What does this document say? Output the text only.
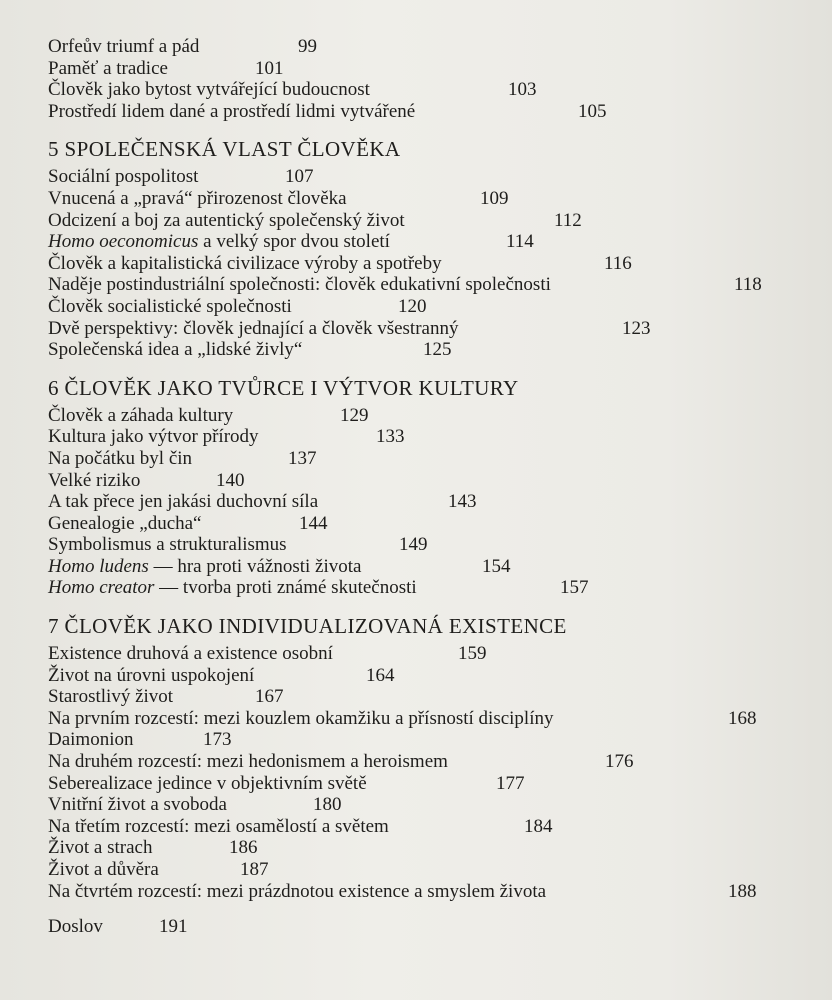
Orfeův triumf a pád	99
Paměť a tradice	101
Člověk jako bytost vytvářející budoucnost	103
Prostředí lidem dané a prostředí lidmi vytvářené	105
5 SPOLEČENSKÁ VLAST ČLOVĚKA
Sociální pospolitost	107
Vnucená a „pravá“ přirozenost člověka	109
Odcizení a boj za autentický společenský život	112
Homo oeconomicus a velký spor dvou století	114
Člověk a kapitalistická civilizace výroby a spotřeby	116
Naděje postindustriální společnosti: člověk edukativní společnosti	118
Člověk socialistické společnosti	120
Dvě perspektivy: člověk jednající a člověk všestranný	123
Společenská idea a „lidské živly“	125
6 ČLOVĚK JAKO TVŮRCE I VÝTVOR KULTURY
Člověk a záhada kultury	129
Kultura jako výtvor přírody	133
Na počátku byl čin	137
Velké riziko	140
A tak přece jen jakási duchovní síla	143
Genealogie „ducha“	144
Symbolismus a strukturalismus	149
Homo ludens — hra proti vážnosti života	154
Homo creator — tvorba proti známé skutečnosti	157
7 ČLOVĚK JAKO INDIVIDUALIZOVANÁ EXISTENCE
Existence druhová a existence osobní	159
Život na úrovni uspokojení	164
Starostlivý život	167
Na prvním rozcestí: mezi kouzlem okamžiku a přísností disciplíny	168
Daimonion	173
Na druhém rozcestí: mezi hedonismem a heroismem	176
Seberealizace jedince v objektivním světě	177
Vnitřní život a svoboda	180
Na třetím rozcestí: mezi osamělostí a světem	184
Život a strach	186
Život a důvěra	187
Na čtvrtém rozcestí: mezi prázdnotou existence a smyslem života	188
Doslov	191
